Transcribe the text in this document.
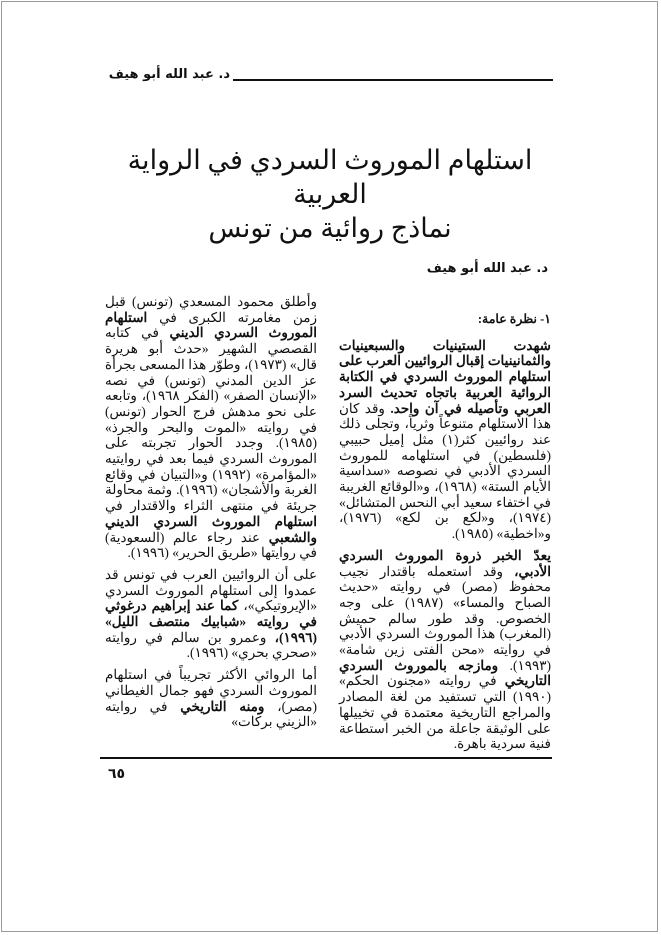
د. عبد الله أبو هيف
استلهام الموروث السردي في الرواية العربية
نماذج روائية من تونس
د. عبد الله أبو هيف

١- نظرة عامة:

شهدت الستينيات والسبعينيات والثمانينيات إقبال الروائيين العرب على استلهام الموروث السردي في الكتابة الروائية العربية باتجاه تحديث السرد العربي وتأصيله في آن واحد. وقد كان هذا الاستلهام متنوعاً وثرياً، وتجلى ذلك عند روائيين كثر(١) مثل إميل حبيبي (فلسطين) في استلهامه للموروث السردي الأدبي في نصوصه «سداسية الأيام الستة» (١٩٦٨)، و«الوقائع الغريبة في اختفاء سعيد أبي النحس المتشائل» (١٩٧٤)، و«لكع بن لكع» (١٩٧٦)، و«اخطية» (١٩٨٥).

يعدّ الخبر ذروة الموروث السردي الأدبي، وقد استعمله باقتدار نجيب محفوظ (مصر) في روايته «حديث الصباح والمساء» (١٩٨٧) على وجه الخصوص. وقد طور سالم حميش (المغرب) هذا الموروث السردي الأدبي في روايته «محن الفتى زين شامة» (١٩٩٣). ومازجه بالموروث السردي التاريخي في روايته «مجنون الحكم» (١٩٩٠) التي تستفيد من لغة المصادر والمراجع التاريخية معتمدة في تخييلها على الوثيقة جاعلة من الخبر استطاعة فنية سردية باهرة.

وأطلق محمود المسعدي (تونس) قبل زمن مغامرته الكبرى في استلهام الموروث السردي الديني في كتابه القصصي الشهير «حدث أبو هريرة قال» (١٩٧٣)، وطوّر هذا المسعى بجرأة عز الدين المدني (تونس) في نصه «الإنسان الصفر» (الفكر ١٩٦٨)، وتابعه على نحو مدهش فرج الحوار (تونس) في روايته «الموت والبحر والجرذ» (١٩٨٥). وجدد الحوار تجربته على الموروث السردي فيما بعد في روايتيه «المؤامرة» (١٩٩٢) و«التبيان في وقائع الغربة والأشجان» (١٩٩٦). وثمة محاولة جريئة في منتهى الثراء والاقتدار في استلهام الموروث السردي الديني والشعبي عند رجاء عالم (السعودية) في روايتها «طريق الحرير» (١٩٩٦).

على أن الروائيين العرب في تونس قد عمدوا إلى استلهام الموروث السردي «الإيروتيكي»، كما عند إبراهيم درغوثي في روايته «شبابيك منتصف الليل» (١٩٩٦)، وعمرو بن سالم في روايته «صحري بحري» (١٩٩٦).

أما الروائي الأكثر تجريباً في استلهام الموروث السردي فهو جمال الغيطاني (مصر)، ومنه التاريخي في روايته «الزيني بركات»

٦٥
